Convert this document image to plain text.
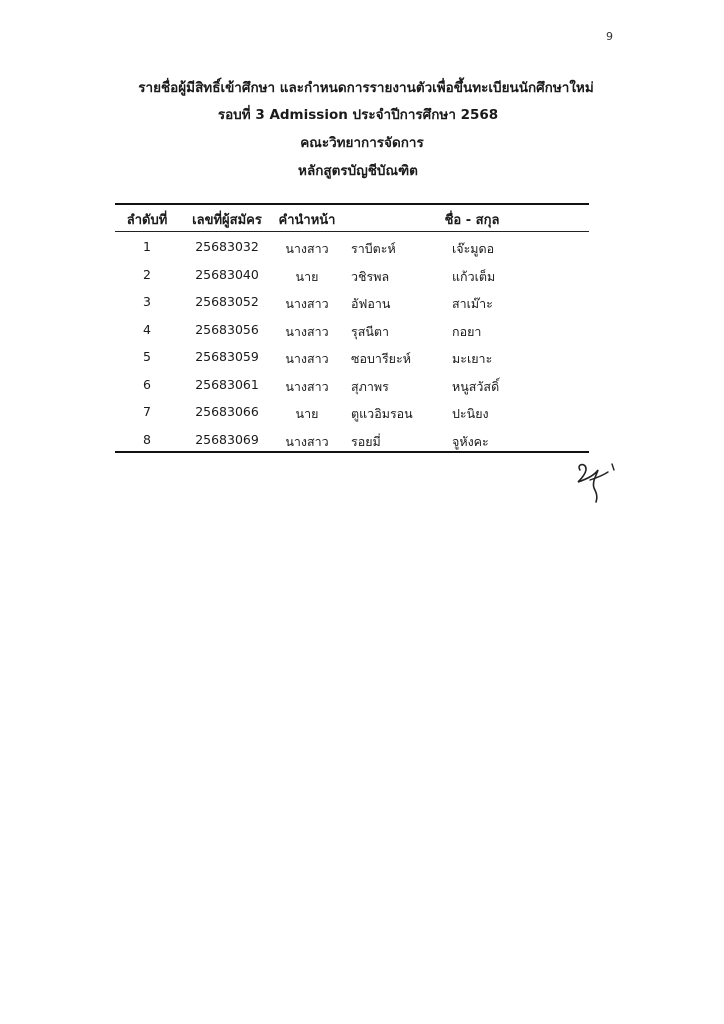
9
รายชื่อผู้มีสิทธิ์เข้าศึกษา และกำหนดการรายงานตัวเพื่อขึ้นทะเบียนนักศึกษาใหม่
รอบที่ 3 Admission ประจำปีการศึกษา 2568
คณะวิทยาการจัดการ
หลักสูตรบัญชีบัณฑิต
ลำดับที่	เลขที่ผู้สมัคร	คำนำหน้า	ชื่อ - สกุล
1	25683032	นางสาว	ราบีตะห์	เจ๊ะมูดอ
2	25683040	นาย	วชิรพล	แก้วเต็ม
3	25683052	นางสาว	อัฟอาน	สาเม๊าะ
4	25683056	นางสาว	รุสนีตา	กอยา
5	25683059	นางสาว	ซอบารียะห์	มะเยาะ
6	25683061	นางสาว	สุภาพร	หนูสวัสดิ์
7	25683066	นาย	ตูแวอิมรอน	ปะนิยง
8	25683069	นางสาว	รอยมี่	จูหังคะ
